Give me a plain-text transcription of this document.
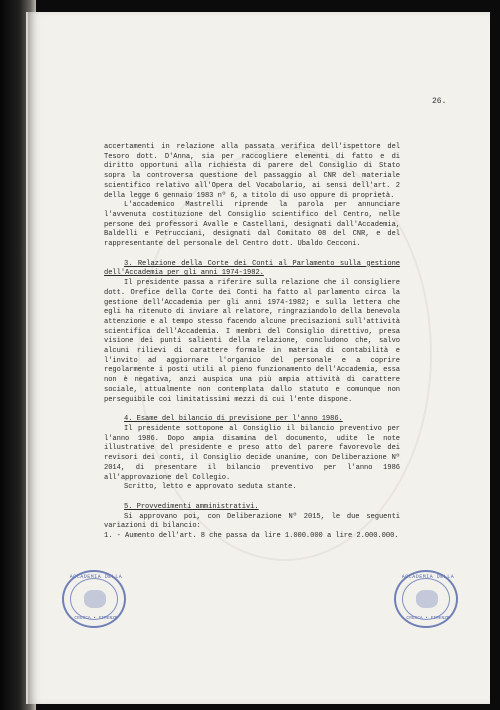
26.
ACCADEMIA DELLA
CRUSCA • FIRENZE
ACCADEMIA DELLA
CRUSCA • FIRENZE

accertamenti in relazione alla passata verifica dell'ispettore del Tesoro dott. D'Anna, sia per raccogliere elementi di fatto e di diritto opportuni alla richiesta di parere del Consiglio di Stato sopra la controversa questione del passaggio al CNR del materiale scientifico relativo all'Opera del Vocabolario, ai sensi dell'art. 2 della legge 6 gennaio 1983 nº 6, a titolo di uso oppure di proprietà.

L'accademico Mastrelli riprende la parola per annunciare l'avvenuta costituzione del Consiglio scientifico del Centro, nelle persone dei professori Avalle e Castellani, designati dall'Accademia, Baldelli e Petrucciani, designati dal Comitato 08 del CNR, e del rappresentante del personale del Centro dott. Ubaldo Cecconi.

3. Relazione della Corte dei Conti al Parlamento sulla gestione dell'Accademia per gli anni 1974-1982.

Il presidente passa a riferire sulla relazione che il consigliere dott. Orefice della Corte dei Conti ha fatto al parlamento circa la gestione dell'Accademia per gli anni 1974-1982; e sulla lettera che egli ha ritenuto di inviare al relatore, ringraziandolo della benevola attenzione e al tempo stesso facendo alcune precisazioni sull'attività scientifica dell'Accademia. I membri del Consiglio direttivo, presa visione dei punti salienti della relazione, concludono che, salvo alcuni rilievi di carattere formale in materia di contabilità e l'invito ad aggiornare l'organico del personale e a coprire regolarmente i posti utili al pieno funzionamento dell'Accademia, essa non è negativa, anzi auspica una più ampia attività di carattere sociale, attualmente non contemplata dallo statuto e comunque non perseguibile coi limitatissimi mezzi di cui l'ente dispone.

4. Esame del bilancio di previsione per l'anno 1986.

Il presidente sottopone al Consiglio il bilancio preventivo per l'anno 1986. Dopo ampia disamina del documento, udite le note illustrative del presidente e preso atto del parere favorevole dei revisori dei conti, il Consiglio decide unanime, con Deliberazione Nº 2014, di presentare il bilancio preventivo per l'anno 1986 all'approvazione del Collegio.

Scritto, letto e approvato seduta stante.

5. Provvedimenti amministrativi.

Si approvano poi, con Deliberazione Nº 2015, le due seguenti variazioni di bilancio:

1. - Aumento dell'art. 8 che passa da lire 1.000.000 a lire 2.000.000.
